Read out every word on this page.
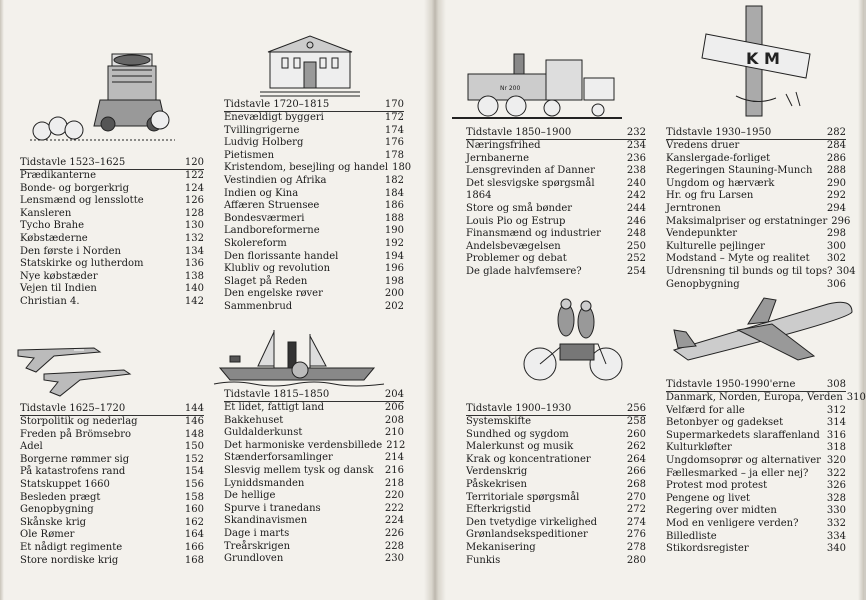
Nr 200
K M
Tidstavle 1523–1625	120
Prædikanterne	122
Bonde- og borgerkrig	124
Lensmænd og lensslotte	126
Kansleren	128
Tycho Brahe	130
Købstæderne	132
Den første i Norden	134
Statskirke og lutherdom	136
Nye købstæder	138
Vejen til Indien	140
Christian 4.	142
Tidstavle 1625–1720	144
Storpolitik og nederlag	146
Freden på Brömsebro	148
Adel	150
Borgerne rømmer sig	152
På katastrofens rand	154
Statskuppet 1660	156
Besleden prægt	158
Genopbygning	160
Skånske krig	162
Ole Rømer	164
Et nådigt regimente	166
Store nordiske krig	168
Tidstavle 1720–1815	170
Enevældigt byggeri	172
Tvillingrigerne	174
Ludvig Holberg	176
Pietismen	178
Kristendom, besejling og handel 180
Vestindien og Afrika	182
Indien og Kina	184
Affæren Struensee	186
Bondesværmeri	188
Landboreformerne	190
Skolereform	192
Den florissante handel	194
Klubliv og revolution	196
Slaget på Reden	198
Den engelske røver	200
Sammenbrud	202
Tidstavle 1815–1850	204
Et lidet, fattigt land	206
Bakkehuset	208
Guldalderkunst	210
Det harmoniske verdensbillede 212
Stænderforsamlinger	214
Slesvig mellem tysk og dansk	216
Lyniddsmanden	218
De hellige	220
Spurve i tranedans	222
Skandinavismen	224
Dage i marts	226
Treårskrigen	228
Grundloven	230
Tidstavle 1850–1900	232
Næringsfrihed	234
Jernbanerne	236
Lensgrevinden af Danner	238
Det slesvigske spørgsmål	240
1864	242
Store og små bønder	244
Louis Pio og Estrup	246
Finansmænd og industrier	248
Andelsbevægelsen	250
Problemer og debat	252
De glade halvfemsere?	254
Tidstavle 1900–1930	256
Systemskifte	258
Sundhed og sygdom	260
Malerkunst og musik	262
Krak og koncentrationer	264
Verdenskrig	266
Påskekrisen	268
Territoriale spørgsmål	270
Efterkrigstid	272
Den tvetydige virkelighed	274
Grønlandsekspeditioner	276
Mekanisering	278
Funkis	280
Tidstavle 1930–1950	282
Vredens druer	284
Kanslergade-forliget	286
Regeringen Stauning-Munch	288
Ungdom og hærværk	290
Hr. og fru Larsen	292
Jerntronen	294
Maksimalpriser og erstatninger 296
Vendepunkter	298
Kulturelle pejlinger	300
Modstand – Myte og realitet	302
Udrensning til bunds og til tops? 304
Genopbygning	306
Tidstavle 1950-1990'erne	308
Danmark, Norden, Europa, Verden 310
Velfærd for alle	312
Betonbyer og gadekset	314
Supermarkedets slaraffenland 316
Kulturkløfter	318
Ungdomsoprør og alternativer 320
Fællesmarked – ja eller nej?	322
Protest mod protest	326
Pengene og livet	328
Regering over midten	330
Mod en venligere verden?	332
Billedliste	334
Stikordsregister	340
